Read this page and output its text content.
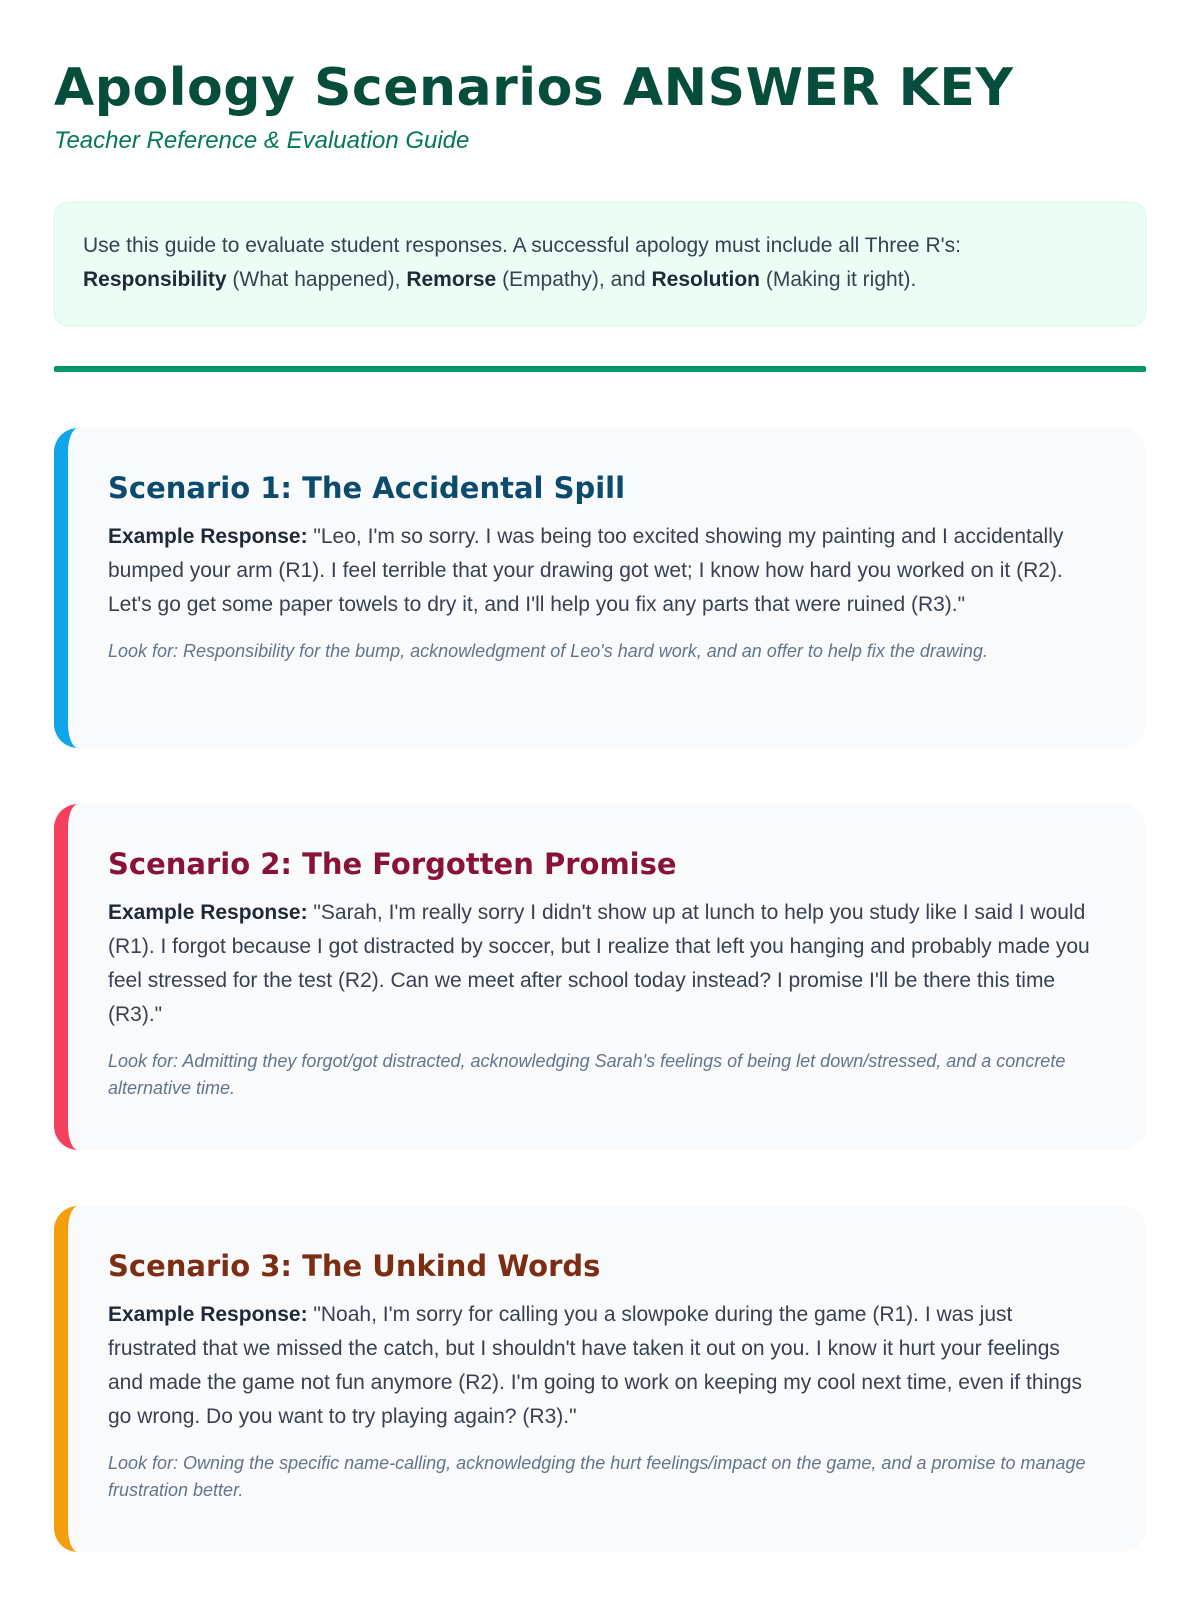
Apology Scenarios ANSWER KEY
Teacher Reference & Evaluation Guide
Use this guide to evaluate student responses. A successful apology must include all Three R's:
Responsibility (What happened), Remorse (Empathy), and Resolution (Making it right).
Scenario 1: The Accidental Spill
Example Response: "Leo, I'm so sorry. I was being too excited showing my painting and I accidentally bumped your arm (R1). I feel terrible that your drawing got wet; I know how hard you worked on it (R2). Let's go get some paper towels to dry it, and I'll help you fix any parts that were ruined (R3)."
Look for: Responsibility for the bump, acknowledgment of Leo's hard work, and an offer to help fix the drawing.
Scenario 2: The Forgotten Promise
Example Response: "Sarah, I'm really sorry I didn't show up at lunch to help you study like I said I would (R1). I forgot because I got distracted by soccer, but I realize that left you hanging and probably made you feel stressed for the test (R2). Can we meet after school today instead? I promise I'll be there this time (R3)."
Look for: Admitting they forgot/got distracted, acknowledging Sarah's feelings of being let down/stressed, and a concrete alternative time.
Scenario 3: The Unkind Words
Example Response: "Noah, I'm sorry for calling you a slowpoke during the game (R1). I was just frustrated that we missed the catch, but I shouldn't have taken it out on you. I know it hurt your feelings and made the game not fun anymore (R2). I'm going to work on keeping my cool next time, even if things go wrong. Do you want to try playing again? (R3)."
Look for: Owning the specific name-calling, acknowledging the hurt feelings/impact on the game, and a promise to manage frustration better.
